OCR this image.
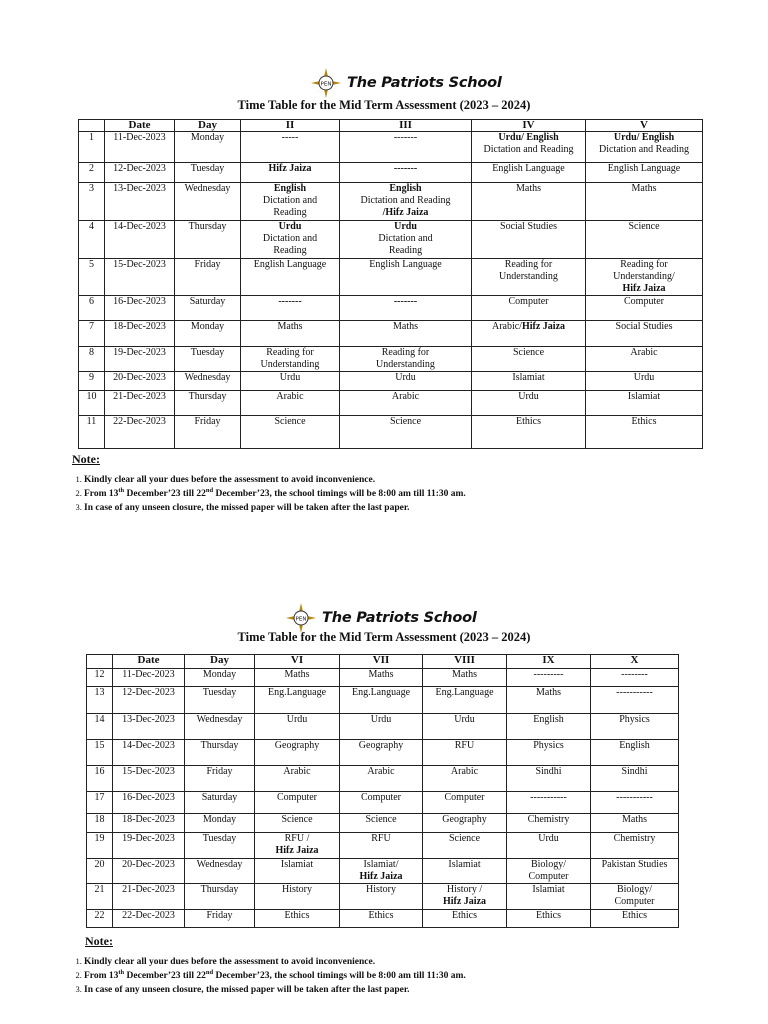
PEN The Patriots School
Time Table for the Mid Term Assessment (2023 – 2024)
	Date	Day	II	III	IV	V
1	11-Dec-2023	Monday	-----	-------	Urdu/ English
Dictation and Reading	Urdu/ English
Dictation and Reading

2	12-Dec-2023	Tuesday	Hifz Jaiza	-------	English Language	English Language
3	13-Dec-2023	Wednesday	English
Dictation and
Reading	English
Dictation and Reading
/Hifz Jaiza	Maths	Maths
4	14-Dec-2023	Thursday	Urdu
Dictation and
Reading	Urdu
Dictation and
Reading	Social Studies	Science
5	15-Dec-2023	Friday	English Language	English Language	Reading for
Understanding	Reading for
Understanding/
Hifz Jaiza

6	16-Dec-2023	Saturday	-------	-------	Computer	Computer
7	18-Dec-2023	Monday	Maths	Maths	Arabic/Hifz Jaiza	Social Studies
8	19-Dec-2023	Tuesday	Reading for
Understanding	Reading for
Understanding	Science	Arabic
9	20-Dec-2023	Wednesday	Urdu	Urdu	Islamiat	Urdu
10	21-Dec-2023	Thursday	Arabic	Arabic	Urdu	Islamiat
11	22-Dec-2023	Friday	Science	Science	Ethics	Ethics
Note:
1. Kindly clear all your dues before the assessment to avoid inconvenience.
2. From 13th December’23 till 22nd December’23, the school timings will be 8:00 am till 11:30 am.
3. In case of any unseen closure, the missed paper will be taken after the last paper.
PEN The Patriots School
Time Table for the Mid Term Assessment (2023 – 2024)
	Date	Day	VI	VII	VIII	IX	X
12	11-Dec-2023	Monday	Maths	Maths	Maths	---------	--------
13	12-Dec-2023	Tuesday	Eng.Language	Eng.Language	Eng.Language	Maths	-----------
14	13-Dec-2023	Wednesday	Urdu	Urdu	Urdu	English	Physics
15	14-Dec-2023	Thursday	Geography	Geography	RFU	Physics	English
16	15-Dec-2023	Friday	Arabic	Arabic	Arabic	Sindhi	Sindhi
17	16-Dec-2023	Saturday	Computer	Computer	Computer	-----------	-----------
18	18-Dec-2023	Monday	Science	Science	Geography	Chemistry	Maths
19	19-Dec-2023	Tuesday	RFU /
Hifz Jaiza	RFU	Science	Urdu	Chemistry
20	20-Dec-2023	Wednesday	Islamiat	Islamiat/
Hifz Jaiza	Islamiat	Biology/
Computer	Pakistan Studies
21	21-Dec-2023	Thursday	History	History	History /
Hifz Jaiza	Islamiat	Biology/
Computer

22	22-Dec-2023	Friday	Ethics	Ethics	Ethics	Ethics	Ethics
Note:
1. Kindly clear all your dues before the assessment to avoid inconvenience.
2. From 13th December’23 till 22nd December’23, the school timings will be 8:00 am till 11:30 am.
3. In case of any unseen closure, the missed paper will be taken after the last paper.
